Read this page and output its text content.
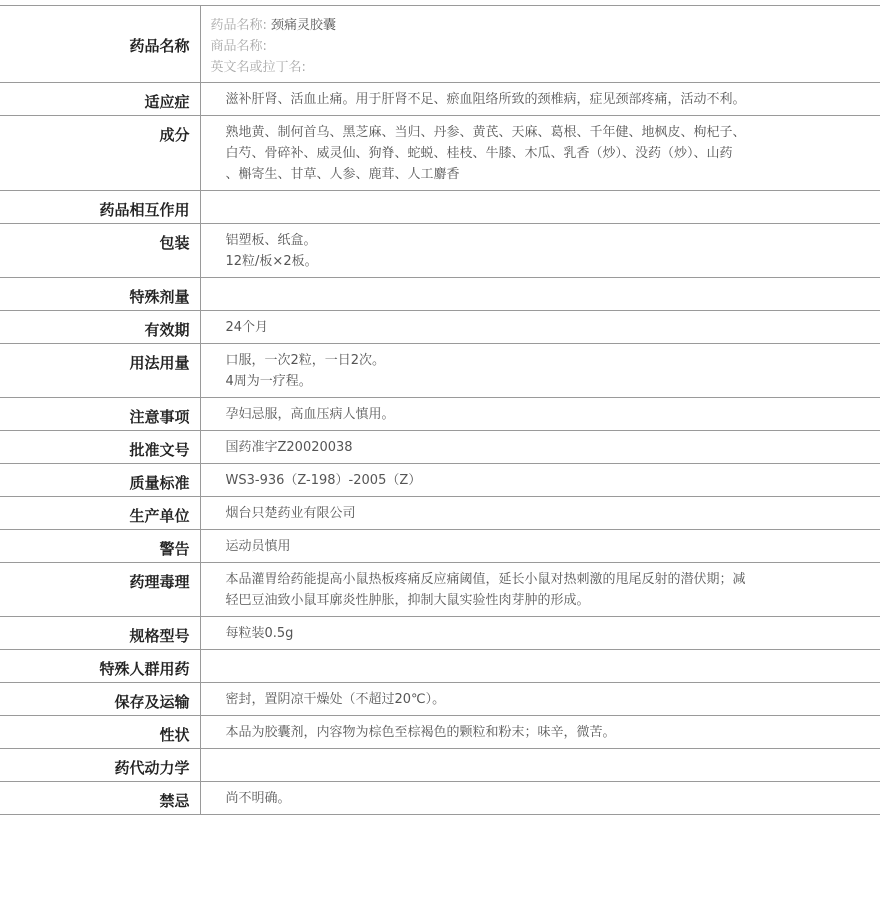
药品名称	药品名称: 颈痛灵胶囊
商品名称:
英文名或拉丁名:

适应症	滋补肝肾、活血止痛。用于肝肾不足、瘀血阻络所致的颈椎病，症见颈部疼痛，活动不利。

成分	熟地黄、制何首乌、黑芝麻、当归、丹参、黄芪、天麻、葛根、千年健、地枫皮、枸杞子、
白芍、骨碎补、威灵仙、狗脊、蛇蜕、桂枝、牛膝、木瓜、乳香（炒）、没药（炒）、山药
、槲寄生、甘草、人参、鹿茸、人工麝香

药品相互作用	
包装	铝塑板、纸盒。
12粒/板×2板。

特殊剂量	
有效期	24个月

用法用量	口服，一次2粒，一日2次。
4周为一疗程。

注意事项	孕妇忌服，高血压病人慎用。

批准文号	国药准字Z20020038

质量标准	WS3-936（Z-198）-2005（Z）

生产单位	烟台只楚药业有限公司

警告	运动员慎用

药理毒理	本品灌胃给药能提高小鼠热板疼痛反应痛阈值，延长小鼠对热刺激的甩尾反射的潜伏期；减
轻巴豆油致小鼠耳廓炎性肿胀，抑制大鼠实验性肉芽肿的形成。

规格型号	每粒装0.5g

特殊人群用药	
保存及运输	密封，置阴凉干燥处（不超过20℃）。

性状	本品为胶囊剂，内容物为棕色至棕褐色的颗粒和粉末；味辛，微苦。

药代动力学	
禁忌	尚不明确。
